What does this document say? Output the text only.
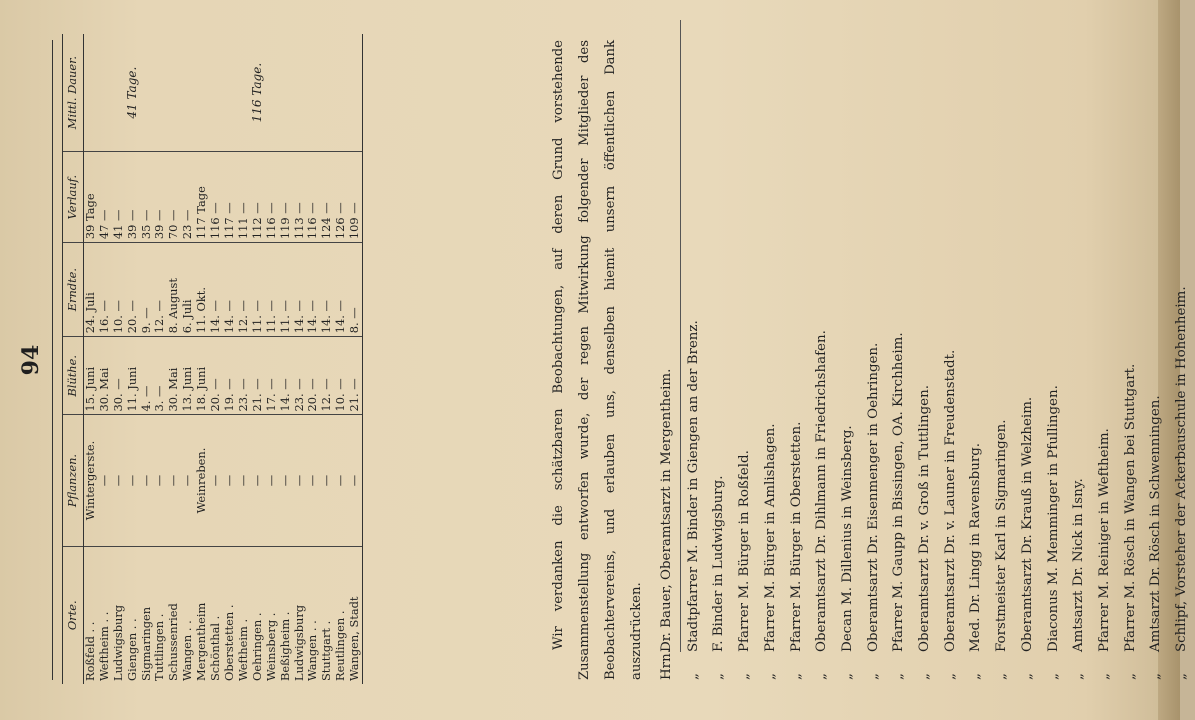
94
Orte.	Pflanzen.	Blüthe.	Erndte.	Verlauf.	Mittl. Dauer.
Roßfeld . .	Wintergerste.	15. Juni	24. Juli	39 Tage	
Weftheim . .	—	30. Mai	16. —	47 —	
Ludwigsburg	—	30. —	10. —	41 —	
Giengen . .	—	11. Juni	20. —	39 —	41 Tage.
Sigmaringen	—	4. —	9. —	35 —	
Tuttlingen .	—	3. —	12. —	39 —	
Schussenried	—	30. Mai	8. August	70 —	
Wangen . .	—	13. Juni	6. Juli	23 —	
Mergentheim	Weinreben.	18. Juni	11. Okt.	117 Tage	
Schönthal .	—	20. —	14. —	116 —	
Oberstetten .	—	19. —	14. —	117 —	
Weftheim .	—	23. —	12. —	111 —	
Oehringen .	—	21. —	11. —	112 —	116 Tage.
Weinsberg .	—	17. —	11. —	116 —	
Beßigheim .	—	14. —	11. —	119 —	
Ludwigsburg	—	23. —	14. —	113 —	
Wangen . .	—	20. —	14. —	116 —	
Stuttgart .	—	12. —	14. —	124 —	
Reutlingen .	—	10. —	14. —	126 —	
Wangen, Stadt	—	21. —	8. —	109 —		Wir verdanken die schätzbaren Beobachtungen, auf deren Grund vorstehende Zusammenstellung entworfen wurde, der regen Mitwirkung folgender Mitglieder des Beobachtervereins, und erlauben uns, denselben hiemit unsern öffentlichen Dank auszudrücken.	Hrn.
Dr. Bauer, Oberamtsarzt in Mergentheim.
„
Stadtpfarrer M. Binder in Giengen an der Brenz.
„
F. Binder in Ludwigsburg.
„
Pfarrer M. Bürger in Roßfeld.
„
Pfarrer M. Bürger in Amlishagen.
„
Pfarrer M. Bürger in Oberstetten.
„
Oberamtsarzt Dr. Dihlmann in Friedrichshafen.
„
Decan M. Dillenius in Weinsberg.
„
Oberamtsarzt Dr. Eisenmenger in Oehringen.
„
Pfarrer M. Gaupp in Bissingen, OA. Kirchheim.
„
Oberamtsarzt Dr. v. Groß in Tuttlingen.
„
Oberamtsarzt Dr. v. Launer in Freudenstadt.
„
Med. Dr. Lingg in Ravensburg.
„
Forstmeister Karl in Sigmaringen.
„
Oberamtsarzt Dr. Krauß in Welzheim.
„
Diaconus M. Memminger in Pfullingen.
„
Amtsarzt Dr. Nick in Isny.
„
Pfarrer M. Reiniger in Weftheim.
„
Pfarrer M. Rösch in Wangen bei Stuttgart.
„
Amtsarzt Dr. Rösch in Schwenningen.
„
Schlipf, Vorsteher der Ackerbauschule in Hohenheim.
